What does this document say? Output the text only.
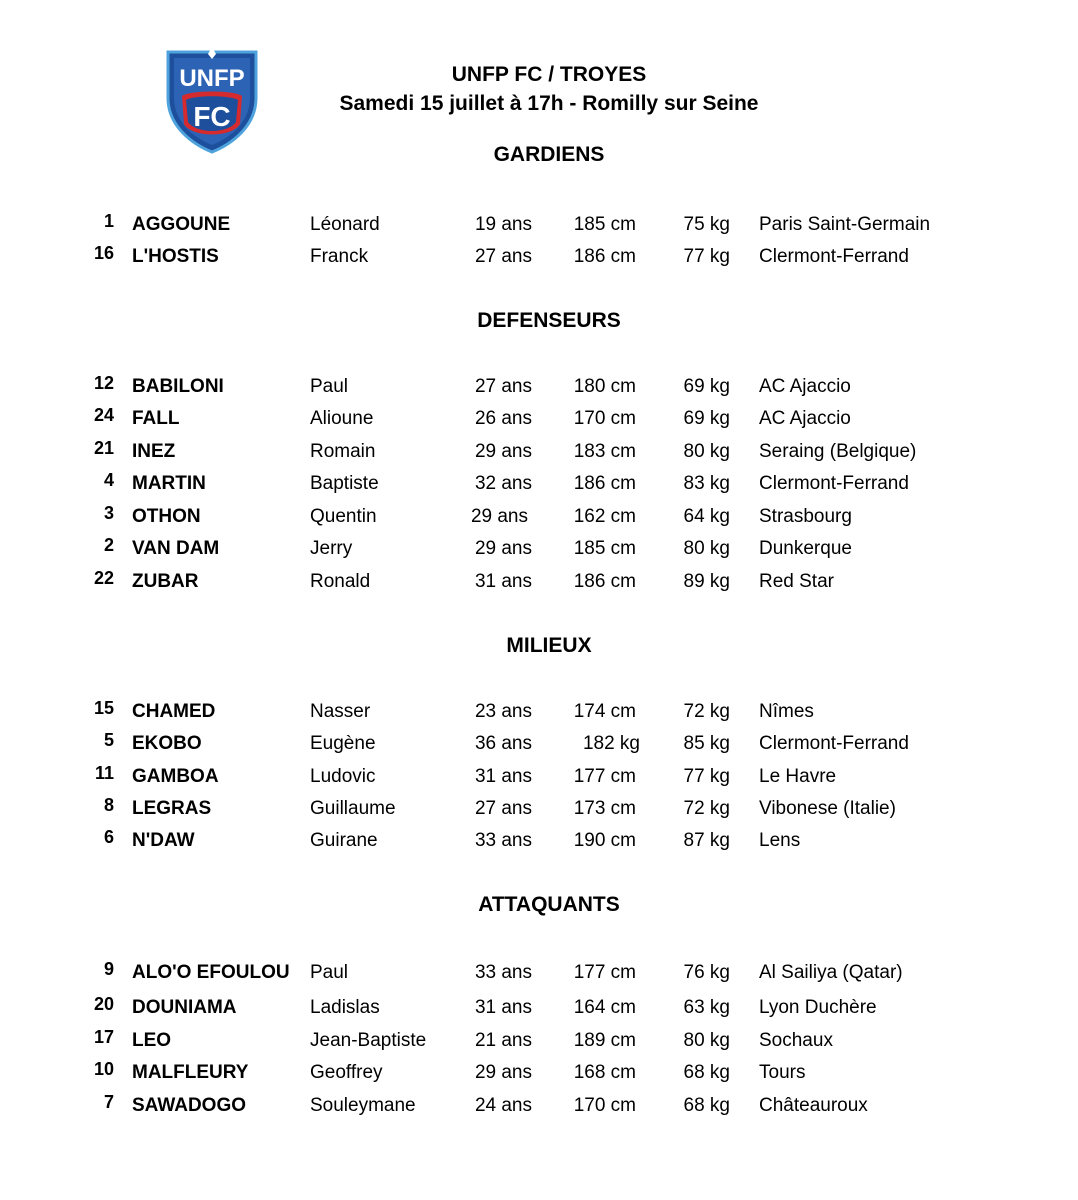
UNFP
FC
UNFP FC / TROYES
Samedi 15 juillet à 17h - Romilly sur Seine
GARDIENS
DEFENSEURS
MILIEUX
ATTAQUANTS
1 AGGOUNE	Léonard	19 ans	185 cm	75 kg Paris Saint-Germain
16 L'HOSTIS	Franck	27 ans	186 cm	77 kg Clermont-Ferrand
12 BABILONI	Paul	27 ans	180 cm	69 kg AC Ajaccio
24 FALL	Alioune	26 ans	170 cm	69 kg AC Ajaccio
21 INEZ	Romain	29 ans	183 cm	80 kg Seraing (Belgique)
4 MARTIN	Baptiste	32 ans	186 cm	83 kg Clermont-Ferrand
3 OTHON	Quentin	29 ans	162 cm	64 kg Strasbourg
2 VAN DAM	Jerry	29 ans	185 cm	80 kg Dunkerque
22 ZUBAR	Ronald	31 ans	186 cm	89 kg Red Star
15 CHAMED	Nasser	23 ans	174 cm	72 kg Nîmes
5 EKOBO	Eugène	36 ans	182 kg	85 kg Clermont-Ferrand
11 GAMBOA	Ludovic	31 ans	177 cm	77 kg Le Havre
8 LEGRAS	Guillaume	27 ans	173 cm	72 kg Vibonese (Italie)
6 N'DAW	Guirane	33 ans	190 cm	87 kg Lens
9 ALO'O EFOULOU Paul	33 ans	177 cm	76 kg Al Sailiya (Qatar)
20 DOUNIAMA	Ladislas	31 ans	164 cm	63 kg Lyon Duchère
17 LEO	Jean-Baptiste	21 ans	189 cm	80 kg Sochaux
10 MALFLEURY	Geoffrey	29 ans	168 cm	68 kg Tours
7 SAWADOGO	Souleymane	24 ans	170 cm	68 kg Châteauroux
